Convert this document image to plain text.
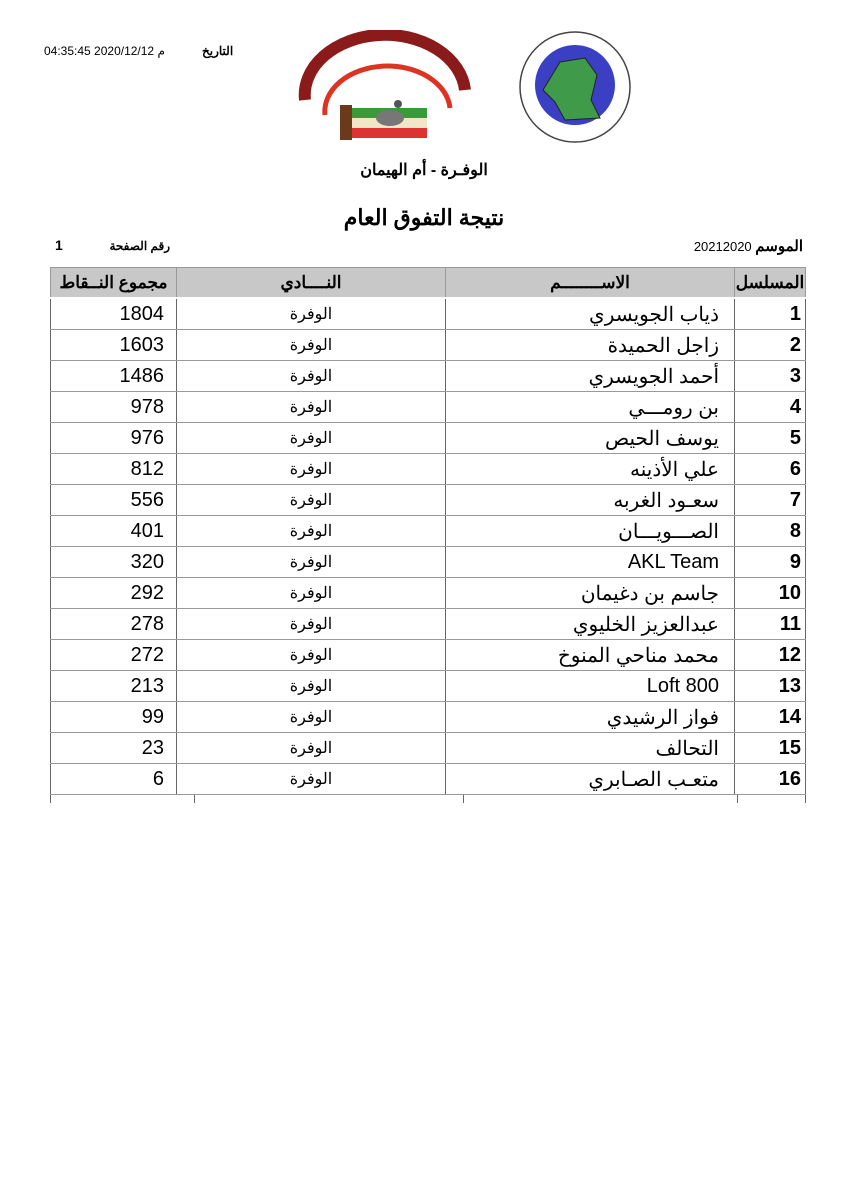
04:35:45 2020/12/12 م	التاريخ
الوفـرة - أم الهيمان
نتيجة التفوق العام
الموسم 20212020
رقم الصفحة
1
المسلسل	الاســــــــم	النــــادي	مجموع النــقاط
1	ذياب الجويسري	الوفرة	1804
2	زاجل الحميدة	الوفرة	1603
3	أحمد الجويسري	الوفرة	1486
4	بن رومـــي	الوفرة	978
5	يوسف الحيص	الوفرة	976
6	علي الأذينه	الوفرة	812
7	سعـود الغربه	الوفرة	556
8	الصـــويـــان	الوفرة	401
9	AKL Team	الوفرة	320
10	جاسم بن دغيمان	الوفرة	292
11	عبدالعزيز الخليوي	الوفرة	278
12	محمد مناحي المنوخ	الوفرة	272
13	Loft 800	الوفرة	213
14	فواز الرشيدي	الوفرة	99
15	التحالف	الوفرة	23
16	متعـب الصـابري	الوفرة	6
